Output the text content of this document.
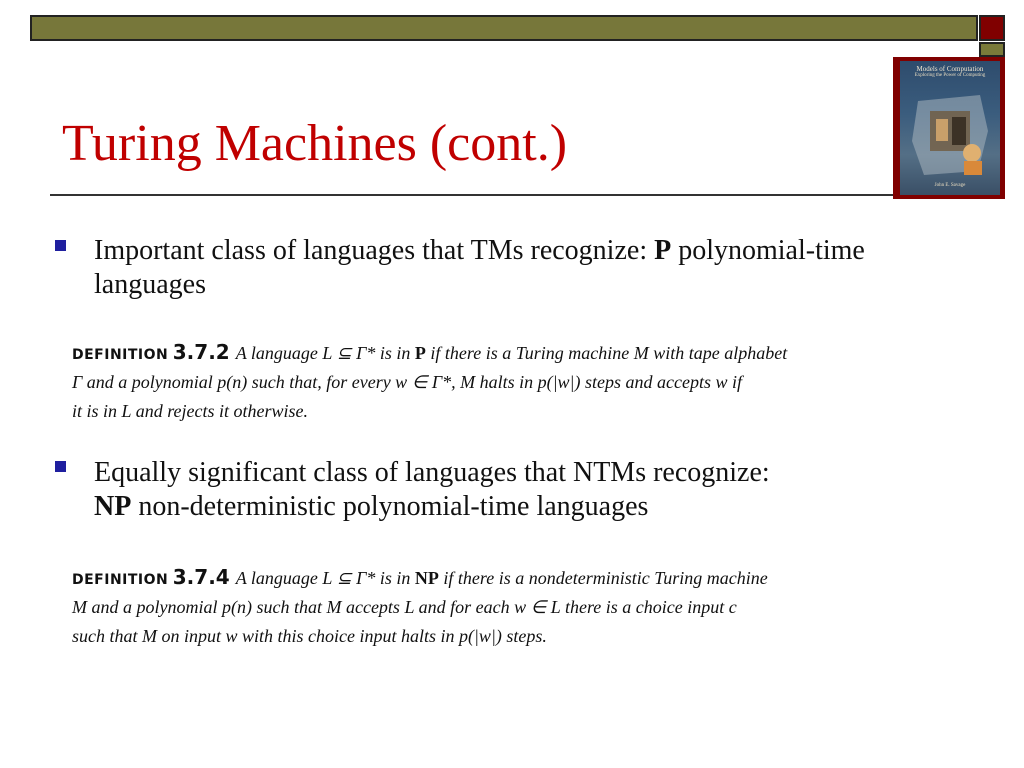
Models of Computation
Exploring the Power of Computing
John E. Savage
Turing Machines (cont.)
Important class of languages that TMs recognize: P polynomial-time languages
DEFINITION 3.7.2 A language L ⊆ Γ* is in P if there is a Turing machine M with tape alphabet
Γ and a polynomial p(n) such that, for every w ∈ Γ*, M halts in p(|w|) steps and accepts w if
it is in L and rejects it otherwise.
Equally significant class of languages that NTMs recognize:
NP non-deterministic polynomial-time languages
DEFINITION 3.7.4 A language L ⊆ Γ* is in NP if there is a nondeterministic Turing machine
M and a polynomial p(n) such that M accepts L and for each w ∈ L there is a choice input c
such that M on input w with this choice input halts in p(|w|) steps.
